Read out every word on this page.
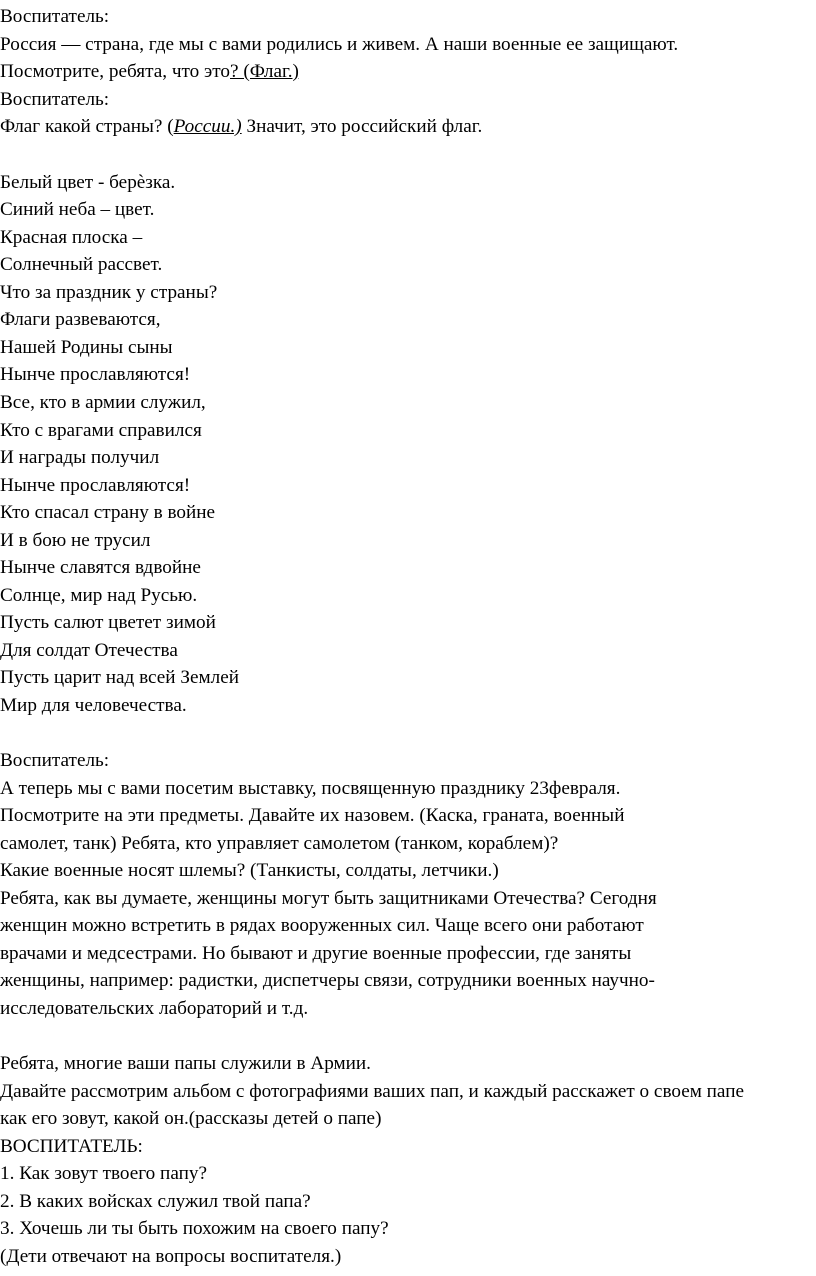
Воспитатель:
Россия — страна, где мы с вами родились и живем. А наши военные ее защищают.
Посмотрите, ребята, что это? (Флаг.)
Воспитатель:
Флаг какой страны? (России.) Значит, это российский флаг.
Белый цвет - берѐзка.
Синий неба – цвет.
Красная плоска –
Солнечный рассвет.
Что за праздник у страны?
Флаги развеваются,
Нашей Родины сыны
Нынче прославляются!
Все, кто в армии служил,
Кто с врагами справился
И награды получил
Нынче прославляются!
Кто спасал страну в войне
И в бою не трусил
Нынче славятся вдвойне
Солнце, мир над Русью.
Пусть салют цветет зимой
Для солдат Отечества
Пусть царит над всей Землей
Мир для человечества.
Воспитатель:
А теперь мы с вами посетим выставку, посвященную празднику 23февраля.
Посмотрите на эти предметы. Давайте их назовем. (Каска, граната, военный
самолет, танк) Ребята, кто управляет самолетом (танком, кораблем)?
Какие военные носят шлемы? (Танкисты, солдаты, летчики.)
Ребята, как вы думаете, женщины могут быть защитниками Отечества? Сегодня
женщин можно встретить в рядах вооруженных сил. Чаще всего они работают
врачами и медсестрами. Но бывают и другие военные профессии, где заняты
женщины, например: радистки, диспетчеры связи, сотрудники военных научно-
исследовательских лабораторий и т.д.
Ребята, многие ваши папы служили в Армии.
Давайте рассмотрим альбом с фотографиями ваших пап, и каждый расскажет о своем папе
как его зовут, какой он.(рассказы детей о папе)
ВОСПИТАТЕЛЬ:
1. Как зовут твоего папу?
2. В каких войсках служил твой папа?
3. Хочешь ли ты быть похожим на своего папу?
(Дети отвечают на вопросы воспитателя.)
